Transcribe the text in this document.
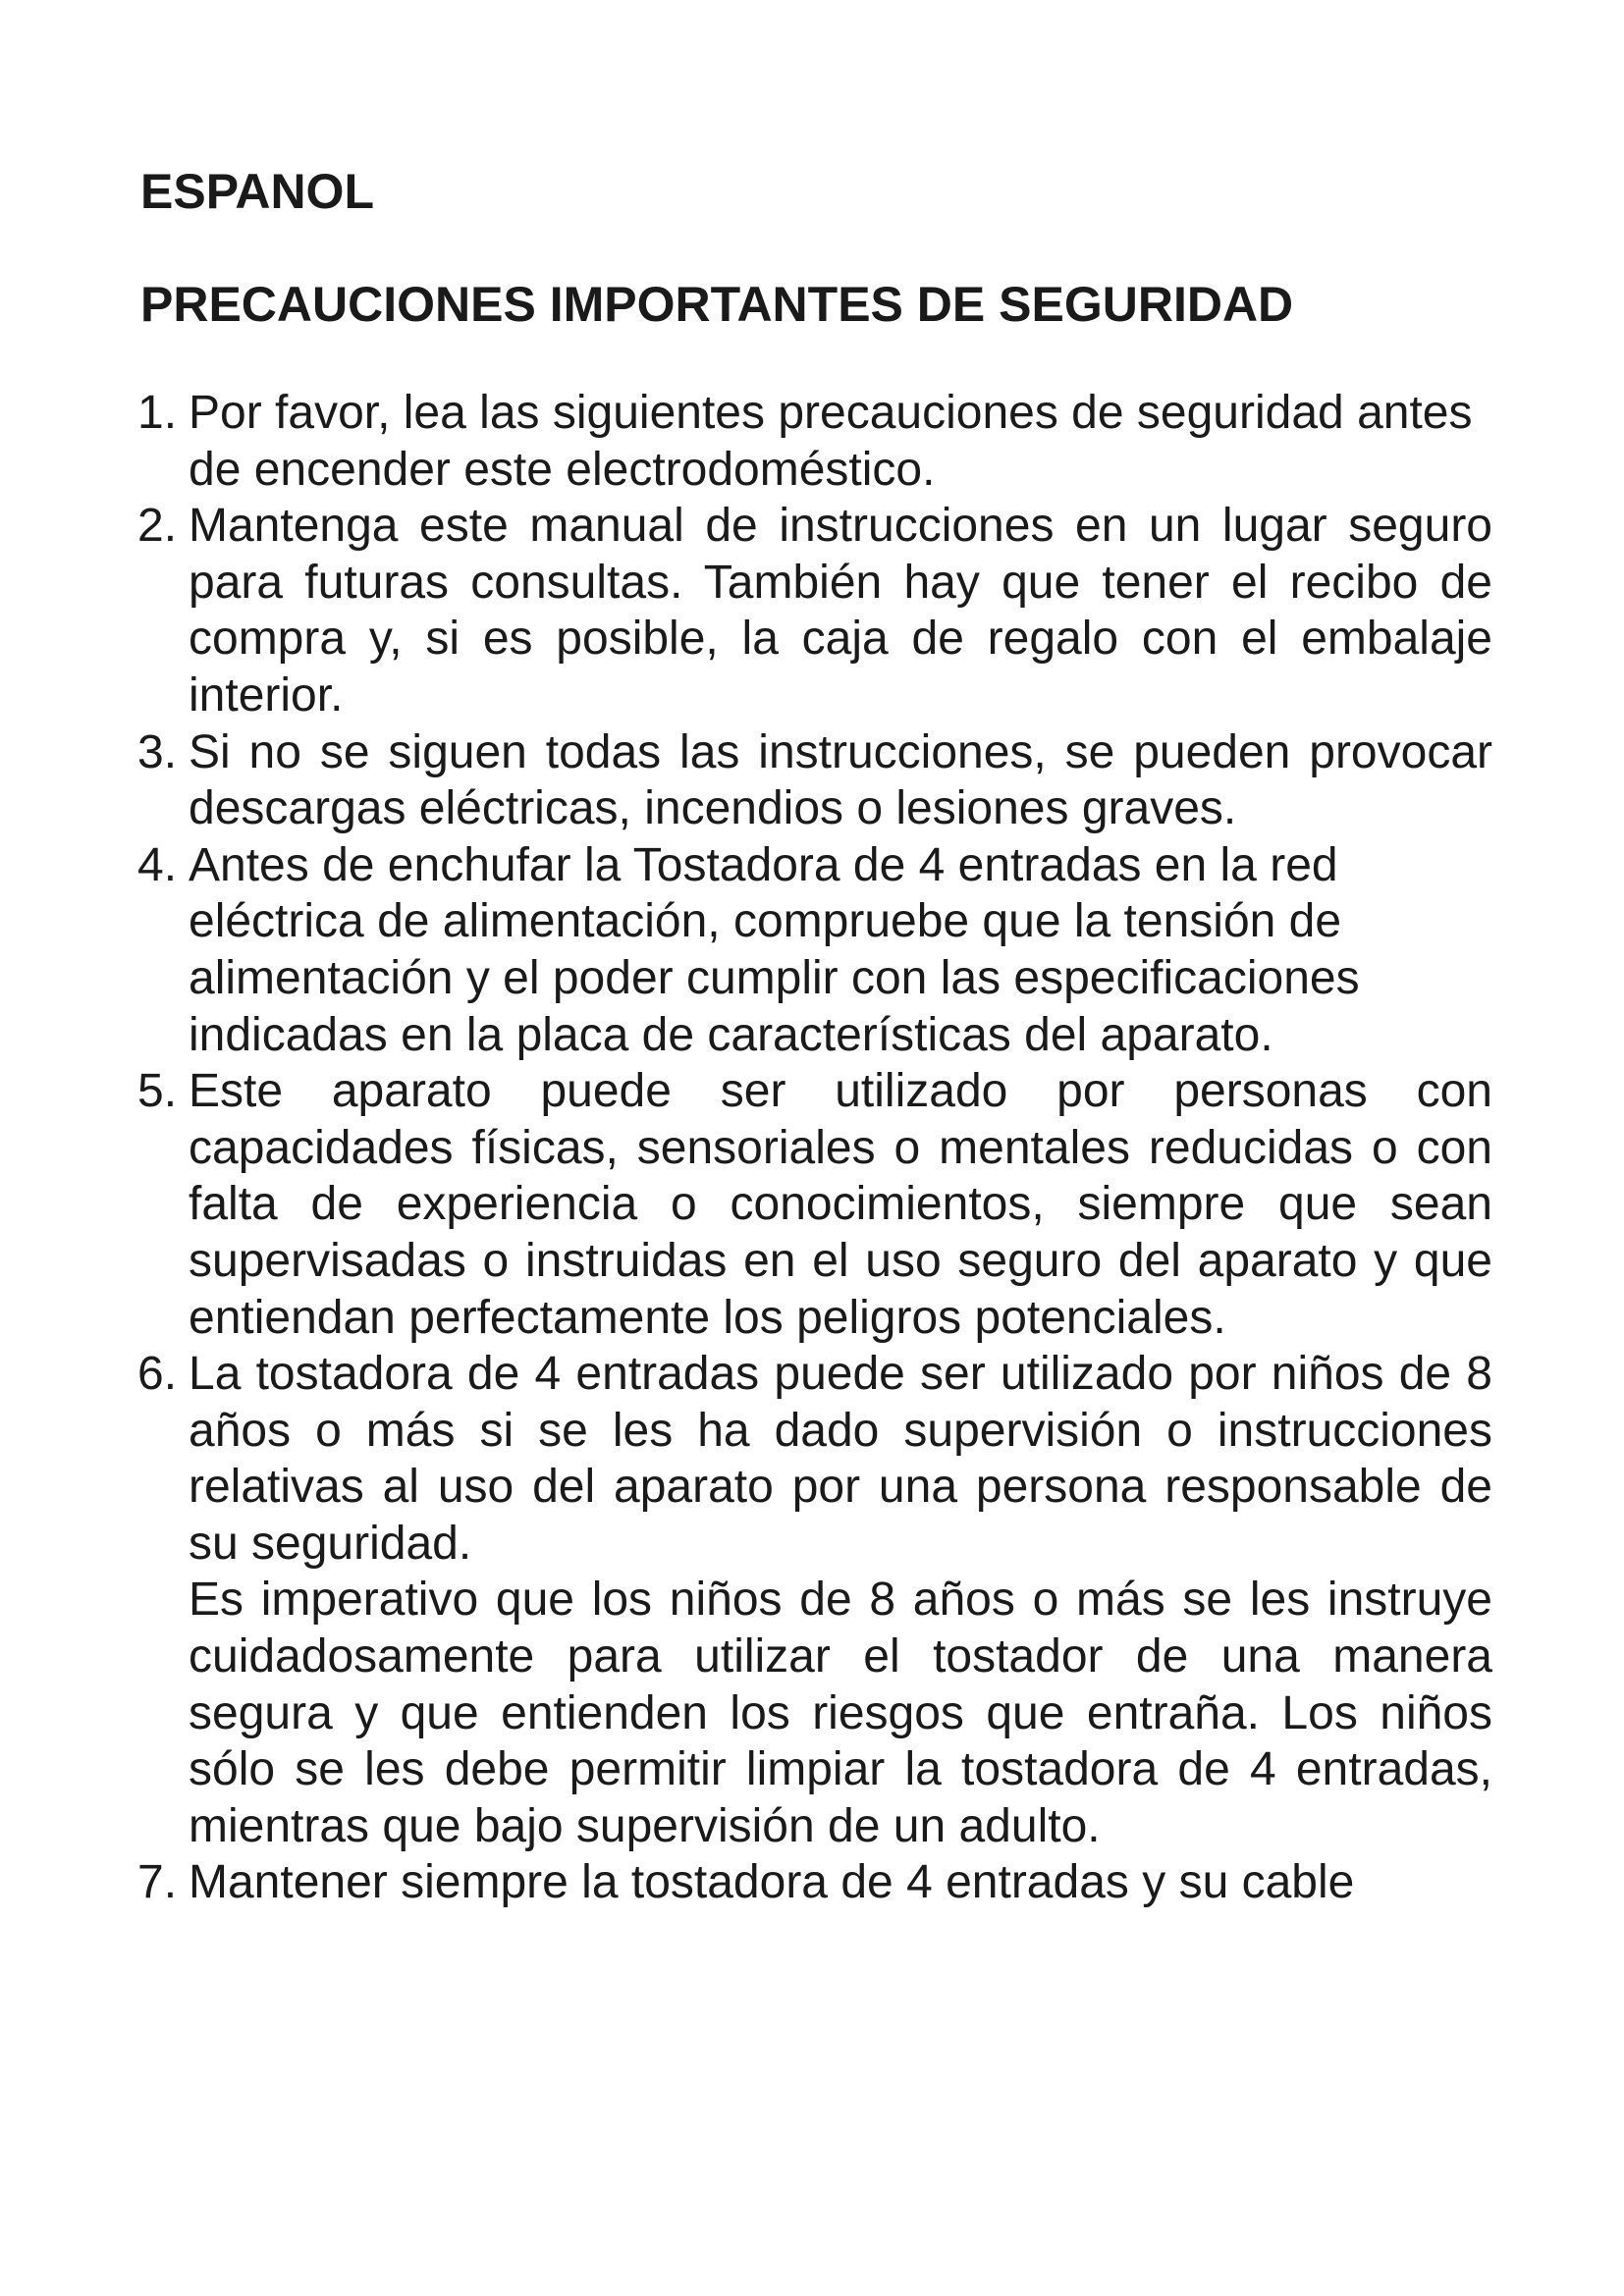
ESPANOL
PRECAUCIONES IMPORTANTES DE SEGURIDAD
1. Por favor, lea las siguientes precauciones de seguridad antes de encender este electrodoméstico.
2. Mantenga este manual de instrucciones en un lugar seguro para futuras consultas. También hay que tener el recibo de compra y, si es posible, la caja de regalo con el embalaje interior.
3. Si no se siguen todas las instrucciones, se pueden provocar descargas eléctricas, incendios o lesiones graves.
4. Antes de enchufar la Tostadora de 4 entradas en la red eléctrica de alimentación, compruebe que la tensión de alimentación y el poder cumplir con las especificaciones indicadas en la placa de características del aparato.
5. Este aparato puede ser utilizado por personas con capacidades físicas, sensoriales o mentales reducidas o con falta de experiencia o conocimientos, siempre que sean supervisadas o instruidas en el uso seguro del aparato y que entiendan perfectamente los peligros potenciales.
6. La tostadora de 4 entradas puede ser utilizado por niños de 8 años o más si se les ha dado supervisión o instrucciones relativas al uso del aparato por una persona responsable de su seguridad.
Es imperativo que los niños de 8 años o más se les instruye cuidadosamente para utilizar el tostador de una manera segura y que entienden los riesgos que entraña. Los niños sólo se les debe permitir limpiar la tostadora de 4 entradas, mientras que bajo supervisión de un adulto.
7. Mantener siempre la tostadora de 4 entradas y su cable
